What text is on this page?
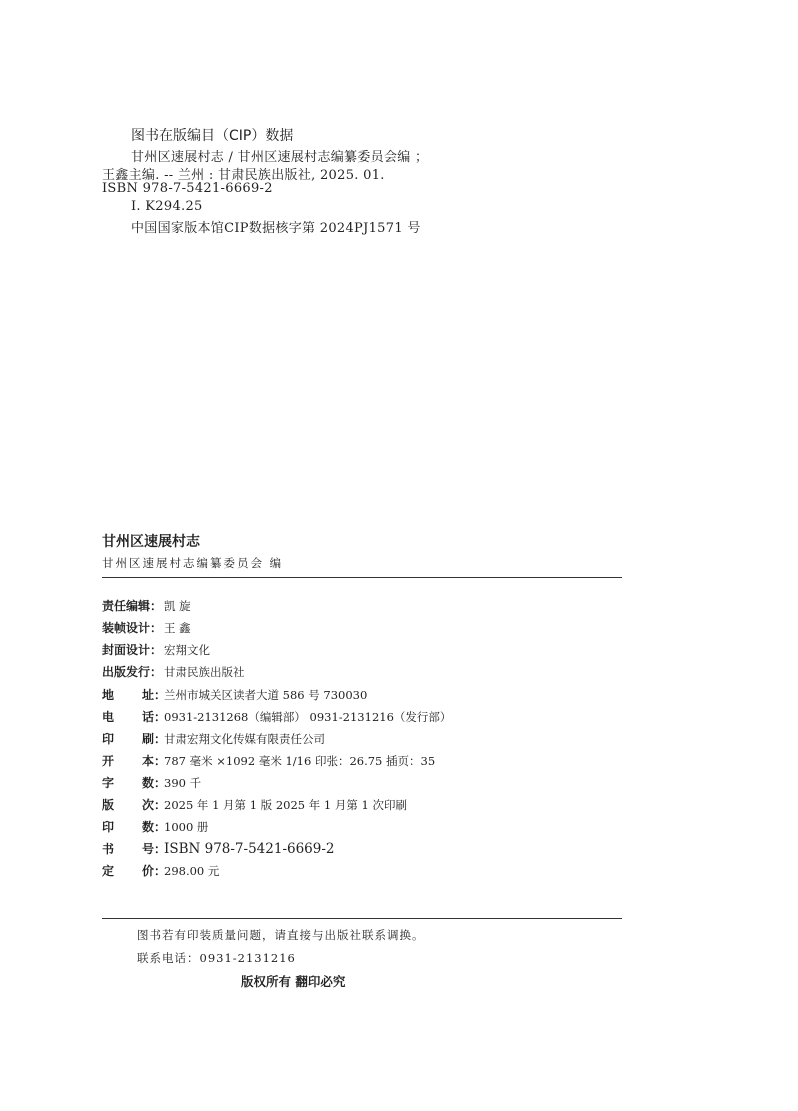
图书在版编目（CIP）数据
甘州区速展村志 / 甘州区速展村志编纂委员会编 ；
王鑫主编. -- 兰州 : 甘肃民族出版社, 2025. 01.
ISBN 978-7-5421-6669-2
Ⅰ. K294.25
中国国家版本馆CIP数据核字第 2024PJ1571 号
甘州区速展村志
甘州区速展村志编纂委员会 编
责任编辑： 凯 旋
装帧设计： 王 鑫
封面设计： 宏翔文化
出版发行： 甘肃民族出版社
地址：兰州市城关区读者大道 586 号 730030
电话：0931-2131268（编辑部） 0931-2131216（发行部）
印刷：甘肃宏翔文化传媒有限责任公司
开本：787 毫米 ×1092 毫米 1/16 印张：26.75 插页：35
字数：390 千
版次：2025 年 1 月第 1 版 2025 年 1 月第 1 次印刷
印数：1000 册
书号：ISBN 978-7-5421-6669-2
定价：298.00 元
图书若有印装质量问题，请直接与出版社联系调换。
联系电话：0931-2131216
版权所有 翻印必究
